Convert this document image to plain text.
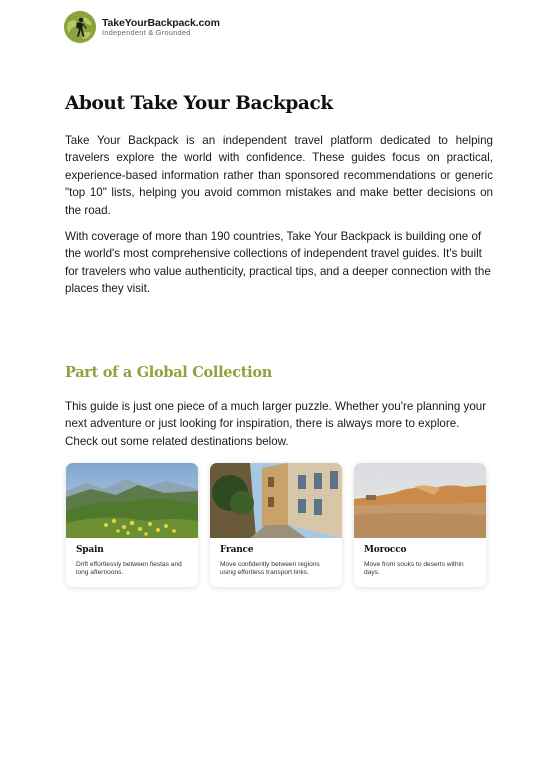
TakeYourBackpack.com
Independent & Grounded
About Take Your Backpack

Take Your Backpack is an independent travel platform dedicated to helping travelers explore the world with confidence. These guides focus on practical, experience-based information rather than sponsored recommendations or generic "top 10" lists, helping you avoid common mistakes and make better decisions on the road.

With coverage of more than 190 countries, Take Your Backpack is building one of the world's most comprehensive collections of independent travel guides. It's built for travelers who value authenticity, practical tips, and a deeper connection with the places they visit.

Part of a Global Collection

This guide is just one piece of a much larger puzzle. Whether you're planning your next adventure or just looking for inspiration, there is always more to explore. Check out some related destinations below.

Spain
Drift effortlessly between fiestas and long afternoons.
France
Move confidently between regions using effortless transport links.
Morocco
Move from souks to deserts within days.
